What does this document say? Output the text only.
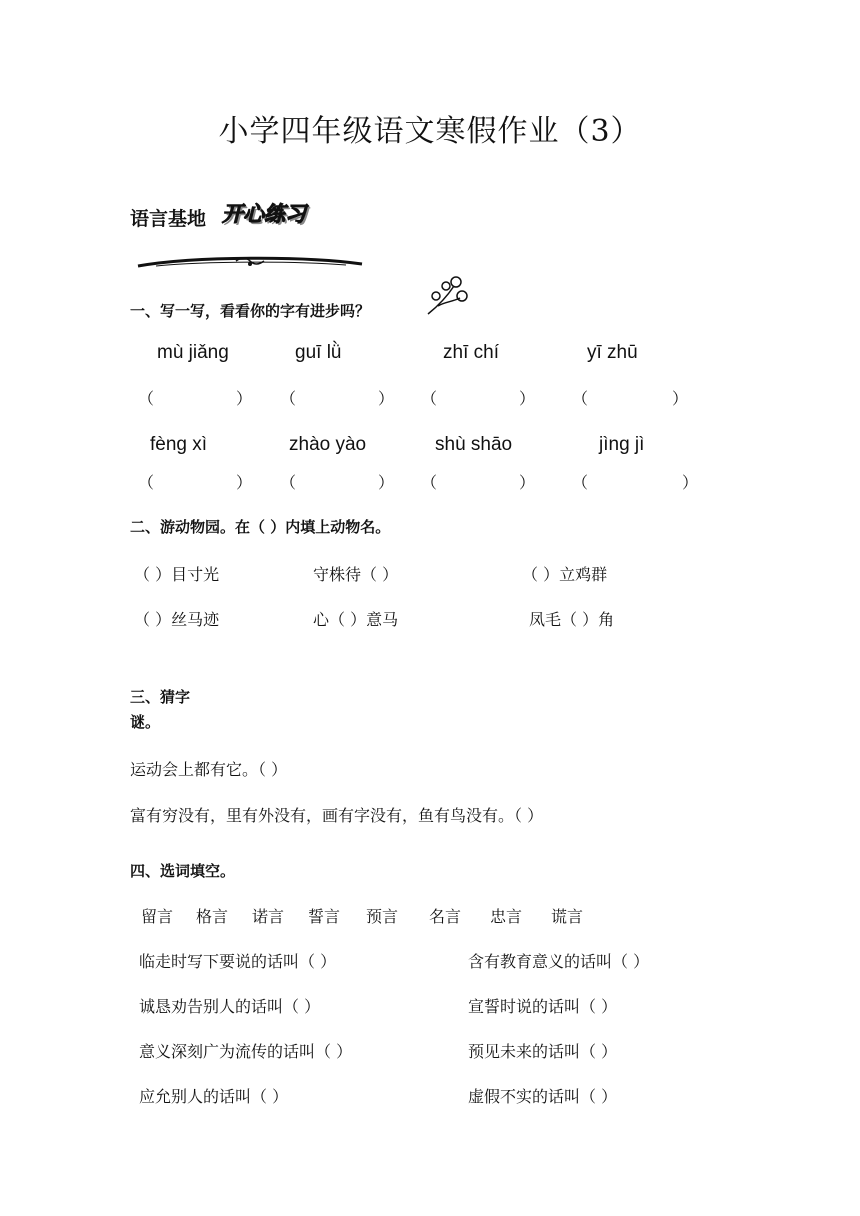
小学四年级语文寒假作业（3）
语言基地 开心练习
一、写一写，看看你的字有进步吗？
mù jiǎng	guī lǜ	zhī chí	yī zhū
（	） （	） （	） （	）
fèng xì	zhào yào	shù shāo	jìng jì
（	） （	） （	） （	）
二、游动物园。在（ ）内填上动物名。
（ ）目寸光	守株待（ ）	（ ）立鸡群
（ ）丝马迹	心（ ）意马	凤毛（ ）角
三、猜字
谜。
运动会上都有它。（ ）
富有穷没有，里有外没有，画有字没有，鱼有鸟没有。（ ）
四、选词填空。
留言 格言 诺言 誓言 预言 名言 忠言 谎言
临走时写下要说的话叫（ ）	含有教育意义的话叫（ ）
诚恳劝告别人的话叫（ ）	宣誓时说的话叫（ ）
意义深刻广为流传的话叫（ ）	预见未来的话叫（ ）
应允别人的话叫（ ）	虚假不实的话叫（ ）
